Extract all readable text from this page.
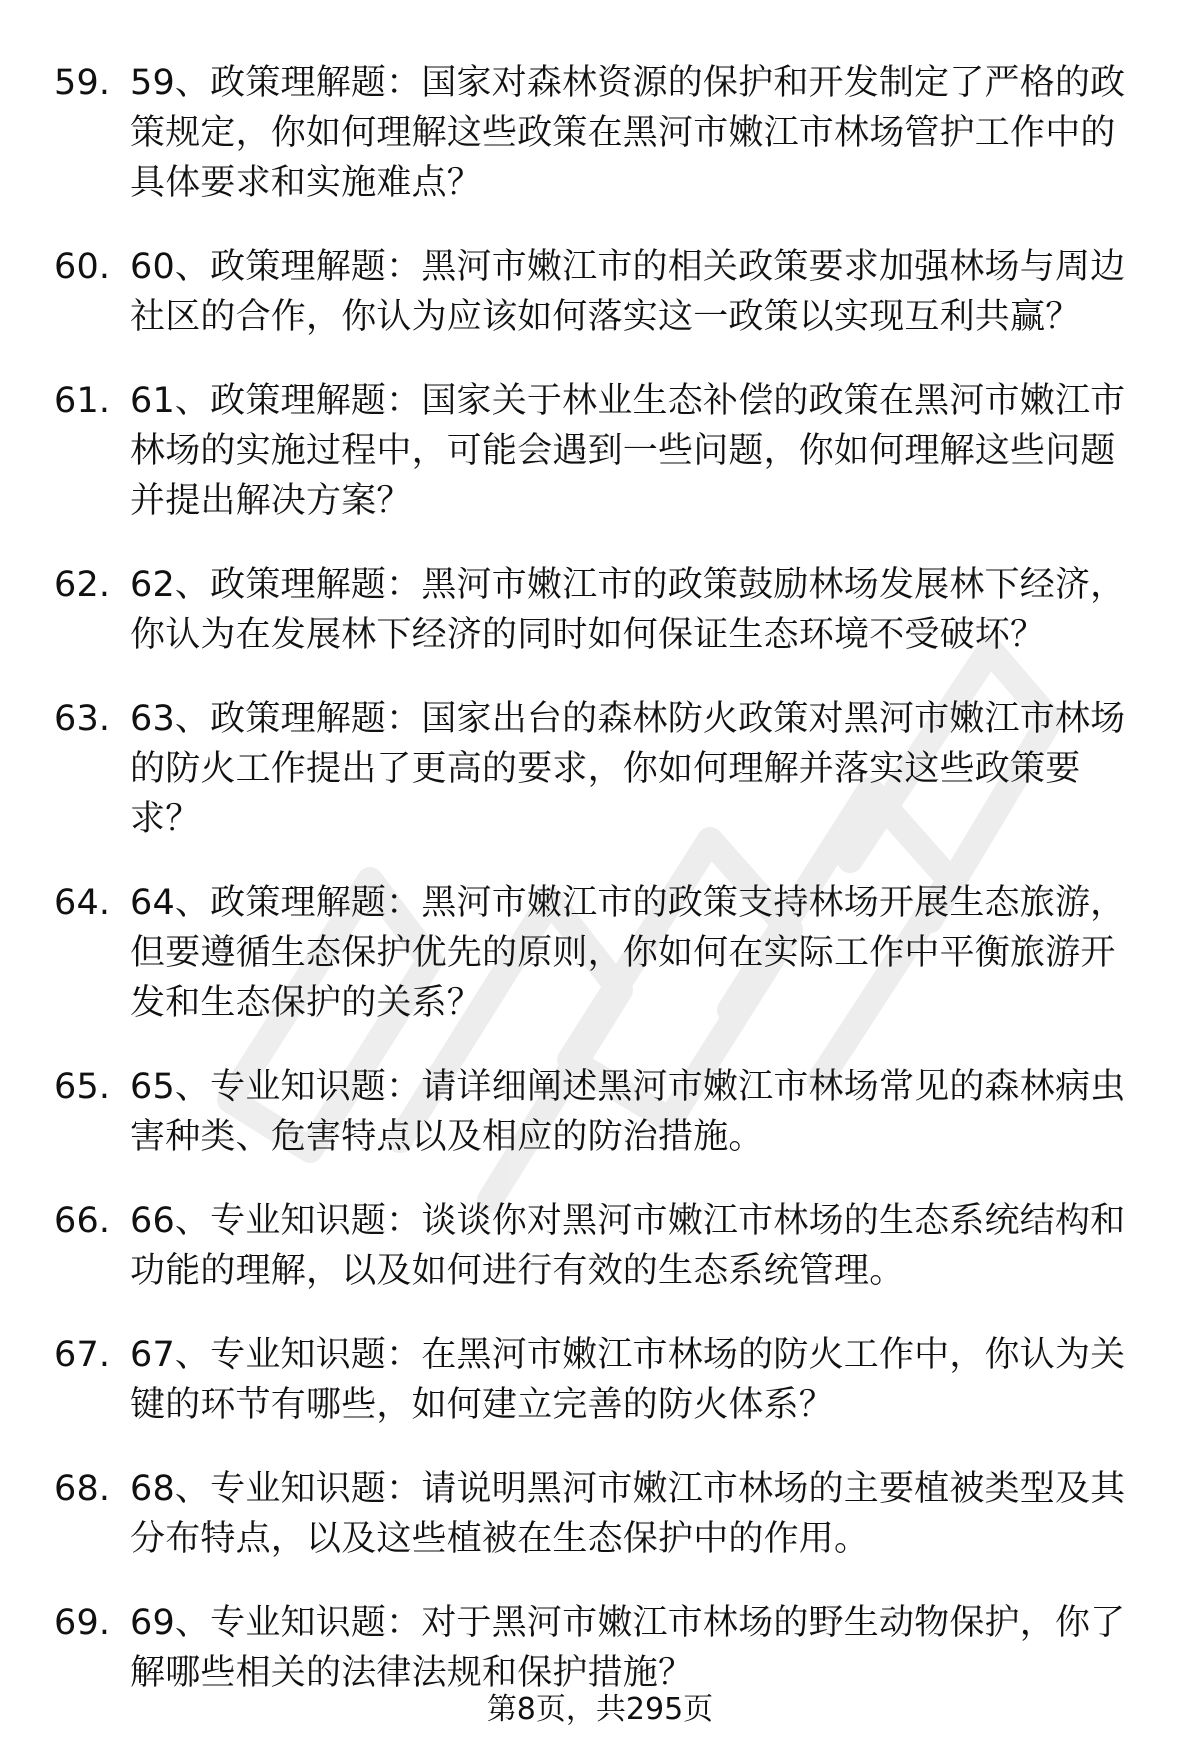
59. 59、政策理解题：国家对森林资源的保护和开发制定了严格的政策规定，你如何理解这些政策在黑河市嫩江市林场管护工作中的具体要求和实施难点？
60. 60、政策理解题：黑河市嫩江市的相关政策要求加强林场与周边社区的合作，你认为应该如何落实这一政策以实现互利共赢？
61. 61、政策理解题：国家关于林业生态补偿的政策在黑河市嫩江市林场的实施过程中，可能会遇到一些问题，你如何理解这些问题并提出解决方案？
62. 62、政策理解题：黑河市嫩江市的政策鼓励林场发展林下经济，你认为在发展林下经济的同时如何保证生态环境不受破坏？
63. 63、政策理解题：国家出台的森林防火政策对黑河市嫩江市林场的防火工作提出了更高的要求，你如何理解并落实这些政策要求？
64. 64、政策理解题：黑河市嫩江市的政策支持林场开展生态旅游，但要遵循生态保护优先的原则，你如何在实际工作中平衡旅游开发和生态保护的关系？
65. 65、专业知识题：请详细阐述黑河市嫩江市林场常见的森林病虫害种类、危害特点以及相应的防治措施。
66. 66、专业知识题：谈谈你对黑河市嫩江市林场的生态系统结构和功能的理解，以及如何进行有效的生态系统管理。
67. 67、专业知识题：在黑河市嫩江市林场的防火工作中，你认为关键的环节有哪些，如何建立完善的防火体系？
68. 68、专业知识题：请说明黑河市嫩江市林场的主要植被类型及其分布特点，以及这些植被在生态保护中的作用。
69. 69、专业知识题：对于黑河市嫩江市林场的野生动物保护，你了解哪些相关的法律法规和保护措施？
第8页，共295页
